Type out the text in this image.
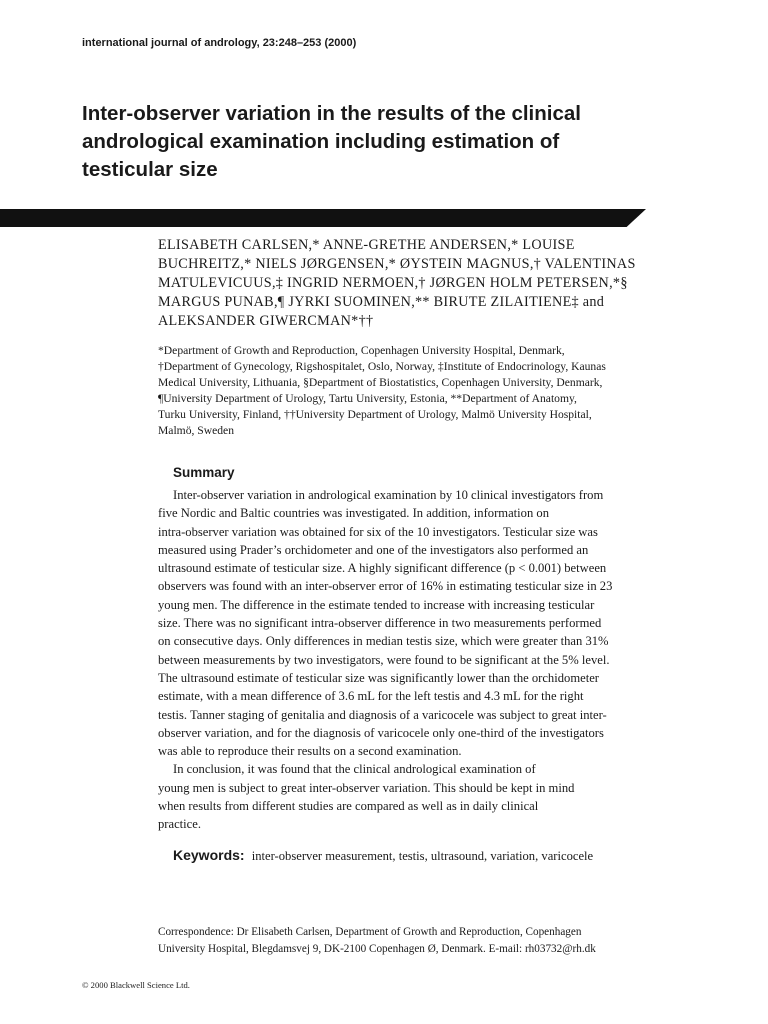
international journal of andrology, 23:248–253 (2000)
Inter-observer variation in the results of the clinical andrological examination including estimation of testicular size
ELISABETH CARLSEN,* ANNE-GRETHE ANDERSEN,* LOUISE
BUCHREITZ,* NIELS JØRGENSEN,* ØYSTEIN MAGNUS,† VALENTINAS
MATULEVICUUS,‡ INGRID NERMOEN,† JØRGEN HOLM PETERSEN,*§
MARGUS PUNAB,¶ JYRKI SUOMINEN,** BIRUTE ZILAITIENE‡ and
ALEKSANDER GIWERCMAN*††
*Department of Growth and Reproduction, Copenhagen University Hospital, Denmark,
†Department of Gynecology, Rigshospitalet, Oslo, Norway, ‡Institute of Endocrinology, Kaunas
Medical University, Lithuania, §Department of Biostatistics, Copenhagen University, Denmark,
¶University Department of Urology, Tartu University, Estonia, **Department of Anatomy,
Turku University, Finland, ††University Department of Urology, Malmö University Hospital,
Malmö, Sweden
Summary
Inter-observer variation in andrological examination by 10 clinical investigators from
five Nordic and Baltic countries was investigated. In addition, information on
intra-observer variation was obtained for six of the 10 investigators. Testicular size was
measured using Prader’s orchidometer and one of the investigators also performed an
ultrasound estimate of testicular size. A highly significant difference (p < 0.001) between
observers was found with an inter-observer error of 16% in estimating testicular size in 23
young men. The difference in the estimate tended to increase with increasing testicular
size. There was no significant intra-observer difference in two measurements performed
on consecutive days. Only differences in median testis size, which were greater than 31%
between measurements by two investigators, were found to be significant at the 5% level.
The ultrasound estimate of testicular size was significantly lower than the orchidometer
estimate, with a mean difference of 3.6 mL for the left testis and 4.3 mL for the right
testis. Tanner staging of genitalia and diagnosis of a varicocele was subject to great inter-
observer variation, and for the diagnosis of varicocele only one-third of the investigators
was able to reproduce their results on a second examination.
In conclusion, it was found that the clinical andrological examination of
young men is subject to great inter-observer variation. This should be kept in mind
when results from different studies are compared as well as in daily clinical
practice.
Keywords: inter-observer measurement, testis, ultrasound, variation, varicocele
Correspondence: Dr Elisabeth Carlsen, Department of Growth and Reproduction, Copenhagen
University Hospital, Blegdamsvej 9, DK-2100 Copenhagen Ø, Denmark. E-mail: rh03732@rh.dk
© 2000 Blackwell Science Ltd.
